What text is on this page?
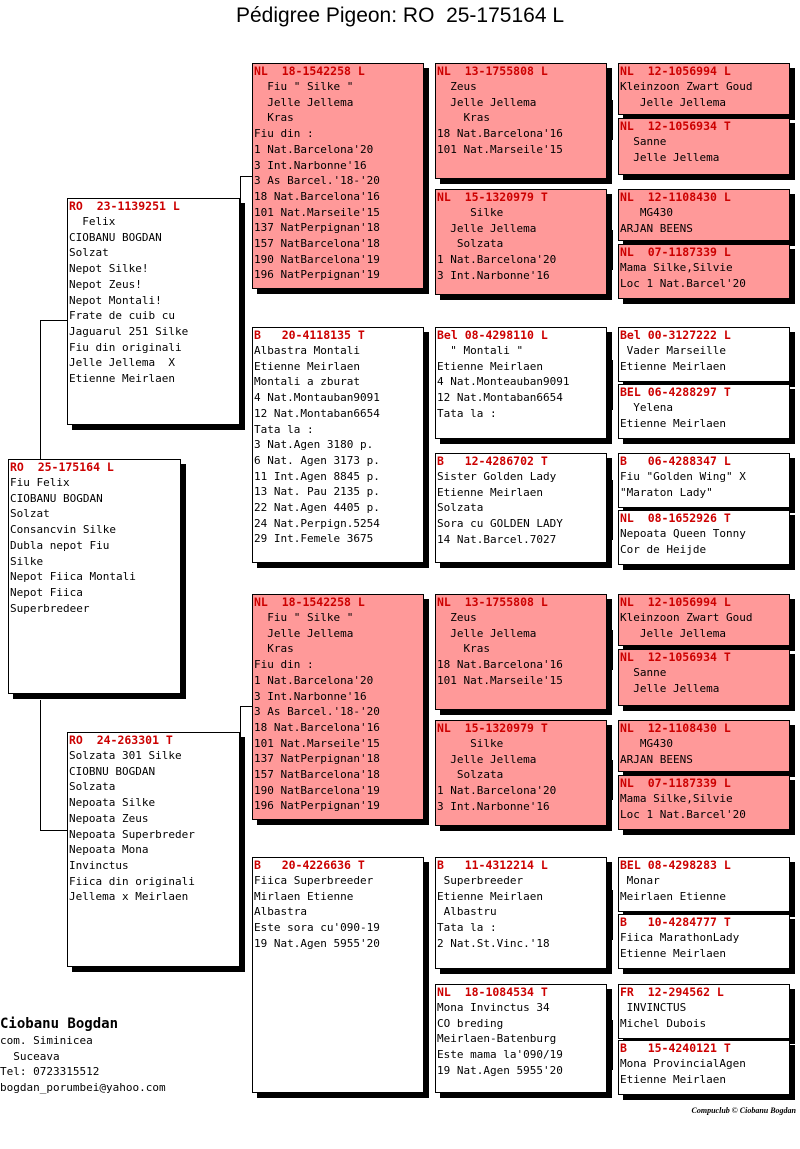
Pédigree Pigeon: RO  25-175164 L
RO  25-175164 L
Fiu Felix
CIOBANU BOGDAN
Solzat
Consancvin Silke
Dubla nepot Fiu
Silke
Nepot Fiica Montali
Nepot Fiica
Superbredeer
RO  23-1139251 L
Felix
CIOBANU BOGDAN
Solzat
Nepot Silke!
Nepot Zeus!
Nepot Montali!
Frate de cuib cu
Jaguarul 251 Silke
Fiu din originali
Jelle Jellema  X
Etienne Meirlaen
RO  24-263301 T
Solzata 301 Silke
CIOBNU BOGDAN
Solzata
Nepoata Silke
Nepoata Zeus
Nepoata Superbreder
Nepoata Mona
Invinctus
Fiica din originali
Jellema x Meirlaen
NL  18-1542258 L
Fiu " Silke "
Jelle Jellema
Kras
Fiu din :
1 Nat.Barcelona'20
3 Int.Narbonne'16
3 As Barcel.'18-'20
18 Nat.Barcelona'16
101 Nat.Marseile'15
137 NatPerpignan'18
157 NatBarcelona'18
190 NatBarcelona'19
196 NatPerpignan'19
B   20-4118135 T
Albastra Montali
Etienne Meirlaen
Montali a zburat
4 Nat.Montauban9091
12 Nat.Montaban6654
Tata la :
3 Nat.Agen 3180 p.
6 Nat. Agen 3173 p.
11 Int.Agen 8845 p.
13 Nat. Pau 2135 p.
22 Nat.Agen 4405 p.
24 Nat.Perpign.5254
29 Int.Femele 3675
NL  18-1542258 L
Fiu " Silke "
Jelle Jellema
Kras
Fiu din :
1 Nat.Barcelona'20
3 Int.Narbonne'16
3 As Barcel.'18-'20
18 Nat.Barcelona'16
101 Nat.Marseile'15
137 NatPerpignan'18
157 NatBarcelona'18
190 NatBarcelona'19
196 NatPerpignan'19
B   20-4226636 T
Fiica Superbreeder
Mirlaen Etienne
Albastra
Este sora cu'090-19
19 Nat.Agen 5955'20
NL  13-1755808 L
Zeus
Jelle Jellema
Kras
18 Nat.Barcelona'16
101 Nat.Marseile'15
NL  15-1320979 T
Silke
Jelle Jellema
Solzata
1 Nat.Barcelona'20
3 Int.Narbonne'16
Bel 08-4298110 L
" Montali "
Etienne Meirlaen
4 Nat.Monteauban9091
12 Nat.Montaban6654
Tata la :
B   12-4286702 T
Sister Golden Lady
Etienne Meirlaen
Solzata
Sora cu GOLDEN LADY
14 Nat.Barcel.7027
NL  13-1755808 L
Zeus
Jelle Jellema
Kras
18 Nat.Barcelona'16
101 Nat.Marseile'15
NL  15-1320979 T
Silke
Jelle Jellema
Solzata
1 Nat.Barcelona'20
3 Int.Narbonne'16
B   11-4312214 L
Superbreeder
Etienne Meirlaen
Albastru
Tata la :
2 Nat.St.Vinc.'18
NL  18-1084534 T
Mona Invinctus 34
CO breding
Meirlaen-Batenburg
Este mama la'090/19
19 Nat.Agen 5955'20
NL  12-1056994 L
Kleinzoon Zwart Goud
Jelle Jellema
NL  12-1056934 T
Sanne
Jelle Jellema
NL  12-1108430 L
MG430
ARJAN BEENS
NL  07-1187339 L
Mama Silke,Silvie
Loc 1 Nat.Barcel'20
Bel 00-3127222 L
Vader Marseille
Etienne Meirlaen
BEL 06-4288297 T
Yelena
Etienne Meirlaen
B   06-4288347 L
Fiu "Golden Wing" X
"Maraton Lady"
NL  08-1652926 T
Nepoata Queen Tonny
Cor de Heijde
NL  12-1056994 L
Kleinzoon Zwart Goud
Jelle Jellema
NL  12-1056934 T
Sanne
Jelle Jellema
NL  12-1108430 L
MG430
ARJAN BEENS
NL  07-1187339 L
Mama Silke,Silvie
Loc 1 Nat.Barcel'20
BEL 08-4298283 L
Monar
Meirlaen Etienne
B   10-4284777 T
Fiica MarathonLady
Etienne Meirlaen
FR  12-294562 L
INVINCTUS
Michel Dubois
B   15-4240121 T
Mona ProvincialAgen
Etienne Meirlaen
Ciobanu Bogdan
com. Siminicea
Suceava
Tel: 0723315512
bogdan_porumbei@yahoo.com
Compuclub © Ciobanu Bogdan
